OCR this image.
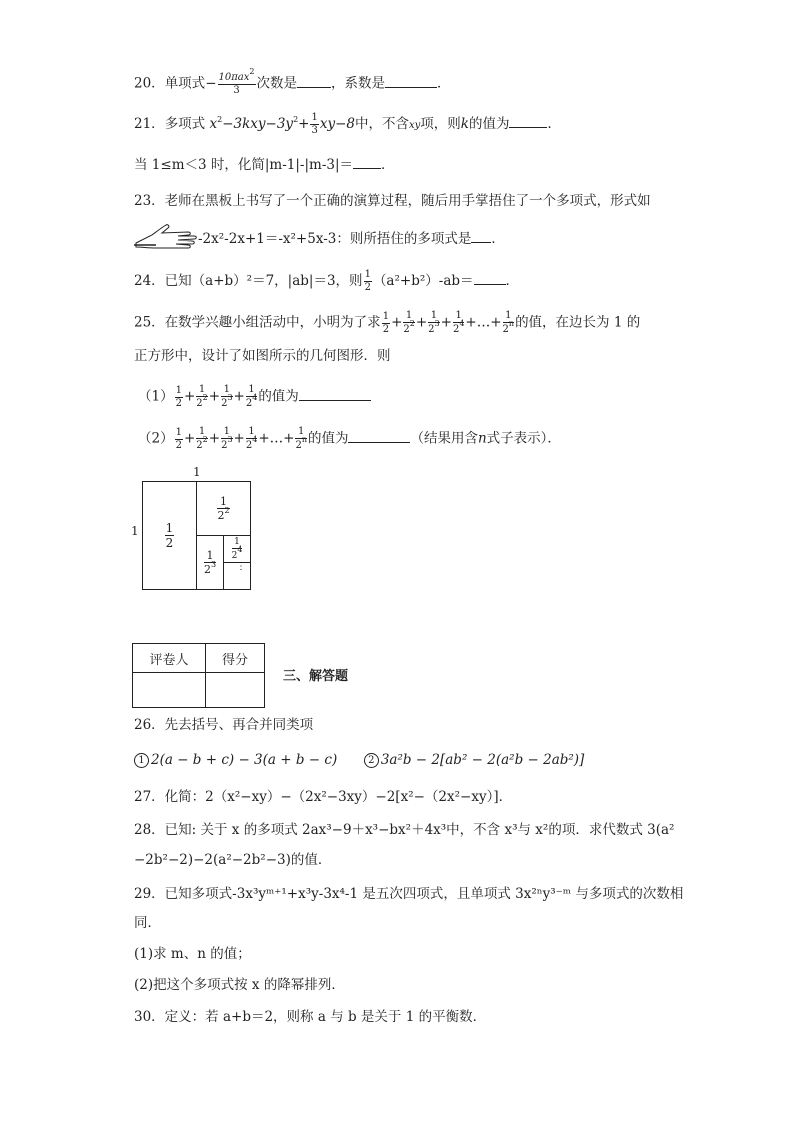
20．单项式− $\frac{10\pi ax^2}{3}$ 次数是	，系数是	．
21．多项式 $x^2-3kxy-3y^2+ \frac{1}{3} xy-8$中，不含xy项，则k的值为	．
当 1≤m＜3 时，化简|m-1|-|m-3|＝ ．
23．老师在黑板上书写了一个正确的演算过程，随后用手掌捂住了一个多项式，形式如
-2x²-2x+1＝-x²+5x-3：则所捂住的多项式是 ．
24．已知（a+b）²＝7，|ab|＝3，则 $\frac{1}{2} (a^2+b^2)-ab=$ ．
25．在数学兴趣小组活动中，小明为了求 $\frac{1}{2} + \frac{1}{2^2} + \frac{1}{2^3} + \frac{1}{2^4}$ +…+ $\frac{1}{2^n}$ 的值，在边长为 1 的
正方形中，设计了如图所示的几何图形．则
$(1) \frac{1}{2} + \frac{1}{2^2} + \frac{1}{2^3} + \frac{1}{2^4}$ 的值为
$(2) \frac{1}{2} + \frac{1}{2^2} + \frac{1}{2^3} + \frac{1}{2^4}$ +…+ $\frac{1}{2^n}$ 的值为	（结果用含n式子表示）．
1
$1 \frac{1}{2}$
$\frac{1}{2^2}$
$\frac{1}{2^3}$
$\frac{1}{2^4}$
⋮
评卷人	得分

三、解答题
26．先去括号、再合并同类项
1 2(a − b + c) − 3(a + b − c)	2 3a²b − 2[ab² − 2(a²b − 2ab²)]
27．化简：2（x²−xy）−（2x²−3xy）−2[x²−（2x²−xy）]．
28．已知: 关于 x 的多项式 2ax³−9＋x³−bx²＋4x³中，不含 x³与 x²的项．求代数式 3(a²
−2b²−2)−2(a²−2b²−3)的值．
29．已知多项式-3x³yᵐ⁺¹+x³y-3x⁴-1 是五次四项式，且单项式 3x²ⁿy³⁻ᵐ 与多项式的次数相
同．
(1)求 m、n 的值；
(2)把这个多项式按 x 的降幂排列．
30．定义：若 a+b＝2，则称 a 与 b 是关于 1 的平衡数．
